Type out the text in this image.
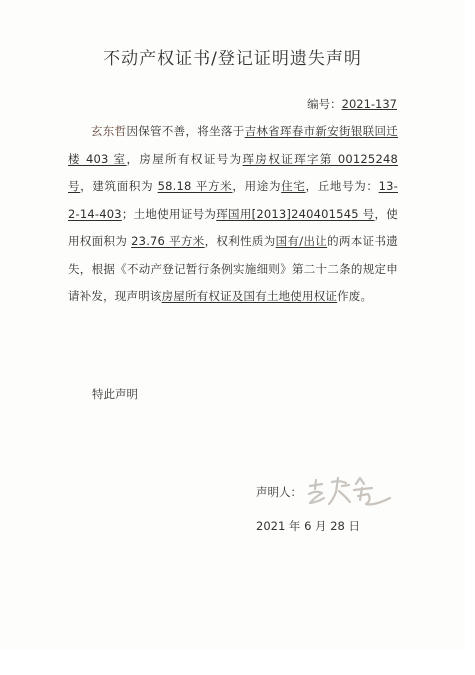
不动产权证书/登记证明遗失声明
编号：2021-137

玄东哲因保管不善，将坐落于吉林省珲春市新安街银联回迁楼 403 室，房屋所有权证号为珲房权证珲字第 00125248 号，建筑面积为 58.18 平方米，用途为住宅，丘地号为：13-2-14-403；土地使用证号为珲国用[2013]240401545 号，使用权面积为 23.76 平方米，权利性质为国有/出让的两本证书遗失，根据《不动产登记暂行条例实施细则》第二十二条的规定申请补发，现声明该房屋所有权证及国有土地使用权证作废。

特此声明
声明人：
2021 年 6 月 28 日
